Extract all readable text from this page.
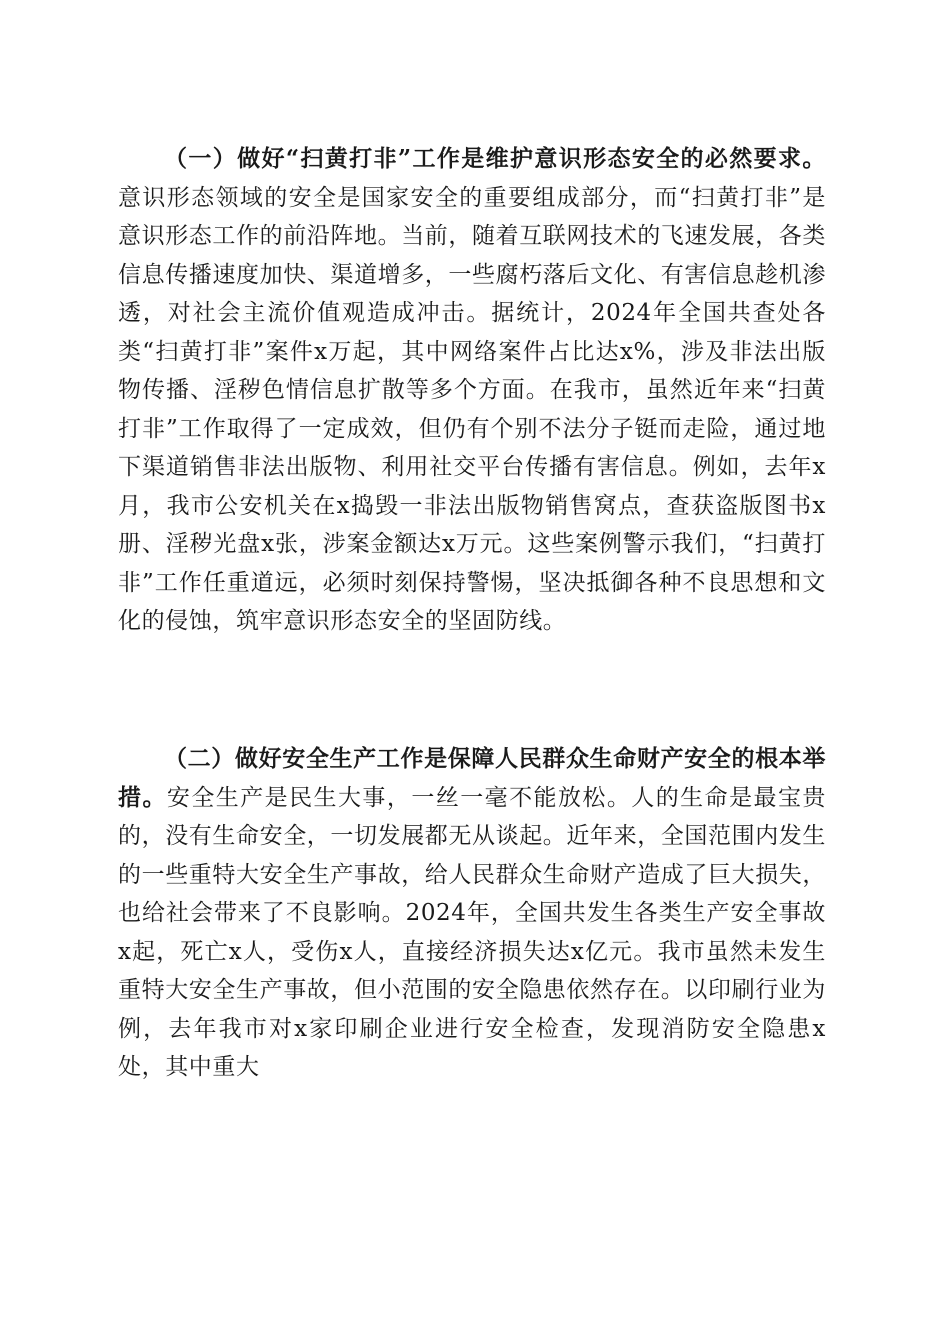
（一）做好“扫黄打非”工作是维护意识形态安全的必然要求。意识形态领域的安全是国家安全的重要组成部分，而“扫黄打非”是意识形态工作的前沿阵地。当前，随着互联网技术的飞速发展，各类信息传播速度加快、渠道增多，一些腐朽落后文化、有害信息趁机渗透，对社会主流价值观造成冲击。据统计，2024年全国共查处各类“扫黄打非”案件x万起，其中网络案件占比达x%，涉及非法出版物传播、淫秽色情信息扩散等多个方面。在我市，虽然近年来“扫黄打非”工作取得了一定成效，但仍有个别不法分子铤而走险，通过地下渠道销售非法出版物、利用社交平台传播有害信息。例如，去年x月，我市公安机关在x捣毁一非法出版物销售窝点，查获盗版图书x册、淫秽光盘x张，涉案金额达x万元。这些案例警示我们，“扫黄打非”工作任重道远，必须时刻保持警惕，坚决抵御各种不良思想和文化的侵蚀，筑牢意识形态安全的坚固防线。

（二）做好安全生产工作是保障人民群众生命财产安全的根本举措。安全生产是民生大事，一丝一毫不能放松。人的生命是最宝贵的，没有生命安全，一切发展都无从谈起。近年来，全国范围内发生的一些重特大安全生产事故，给人民群众生命财产造成了巨大损失，也给社会带来了不良影响。2024年，全国共发生各类生产安全事故x起，死亡x人，受伤x人，直接经济损失达x亿元。我市虽然未发生重特大安全生产事故，但小范围的安全隐患依然存在。以印刷行业为例，去年我市对x家印刷企业进行安全检查，发现消防安全隐患x处，其中重大
